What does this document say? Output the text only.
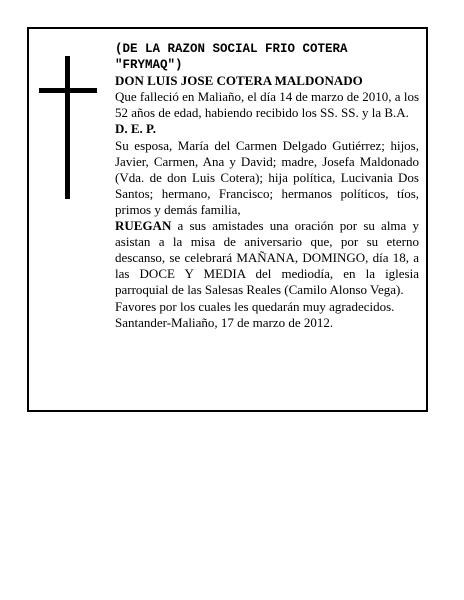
(DE LA RAZON SOCIAL FRIO COTERA

"FRYMAQ")

DON LUIS JOSE COTERA MALDONADO

Que falleció en Maliaño, el día 14 de marzo de 2010, a los 52 años de edad, habiendo recibido los SS. SS. y la B.A.

D. E. P.

Su esposa, María del Carmen Delgado Gutiérrez; hijos, Javier, Carmen, Ana y David; madre, Josefa Maldonado (Vda. de don Luis Cotera); hija política, Lucivania Dos Santos; hermano, Francisco; hermanos políticos, tíos, primos y demás familia,

RUEGAN a sus amistades una oración por su alma y asistan a la misa de aniversario que, por su eterno descanso, se celebrará MAÑANA, DOMINGO, día 18, a las DOCE Y MEDIA del mediodía, en la iglesia parroquial de las Salesas Reales (Camilo Alonso Vega).

Favores por los cuales les quedarán muy agradecidos.

Santander-Maliaño, 17 de marzo de 2012.
